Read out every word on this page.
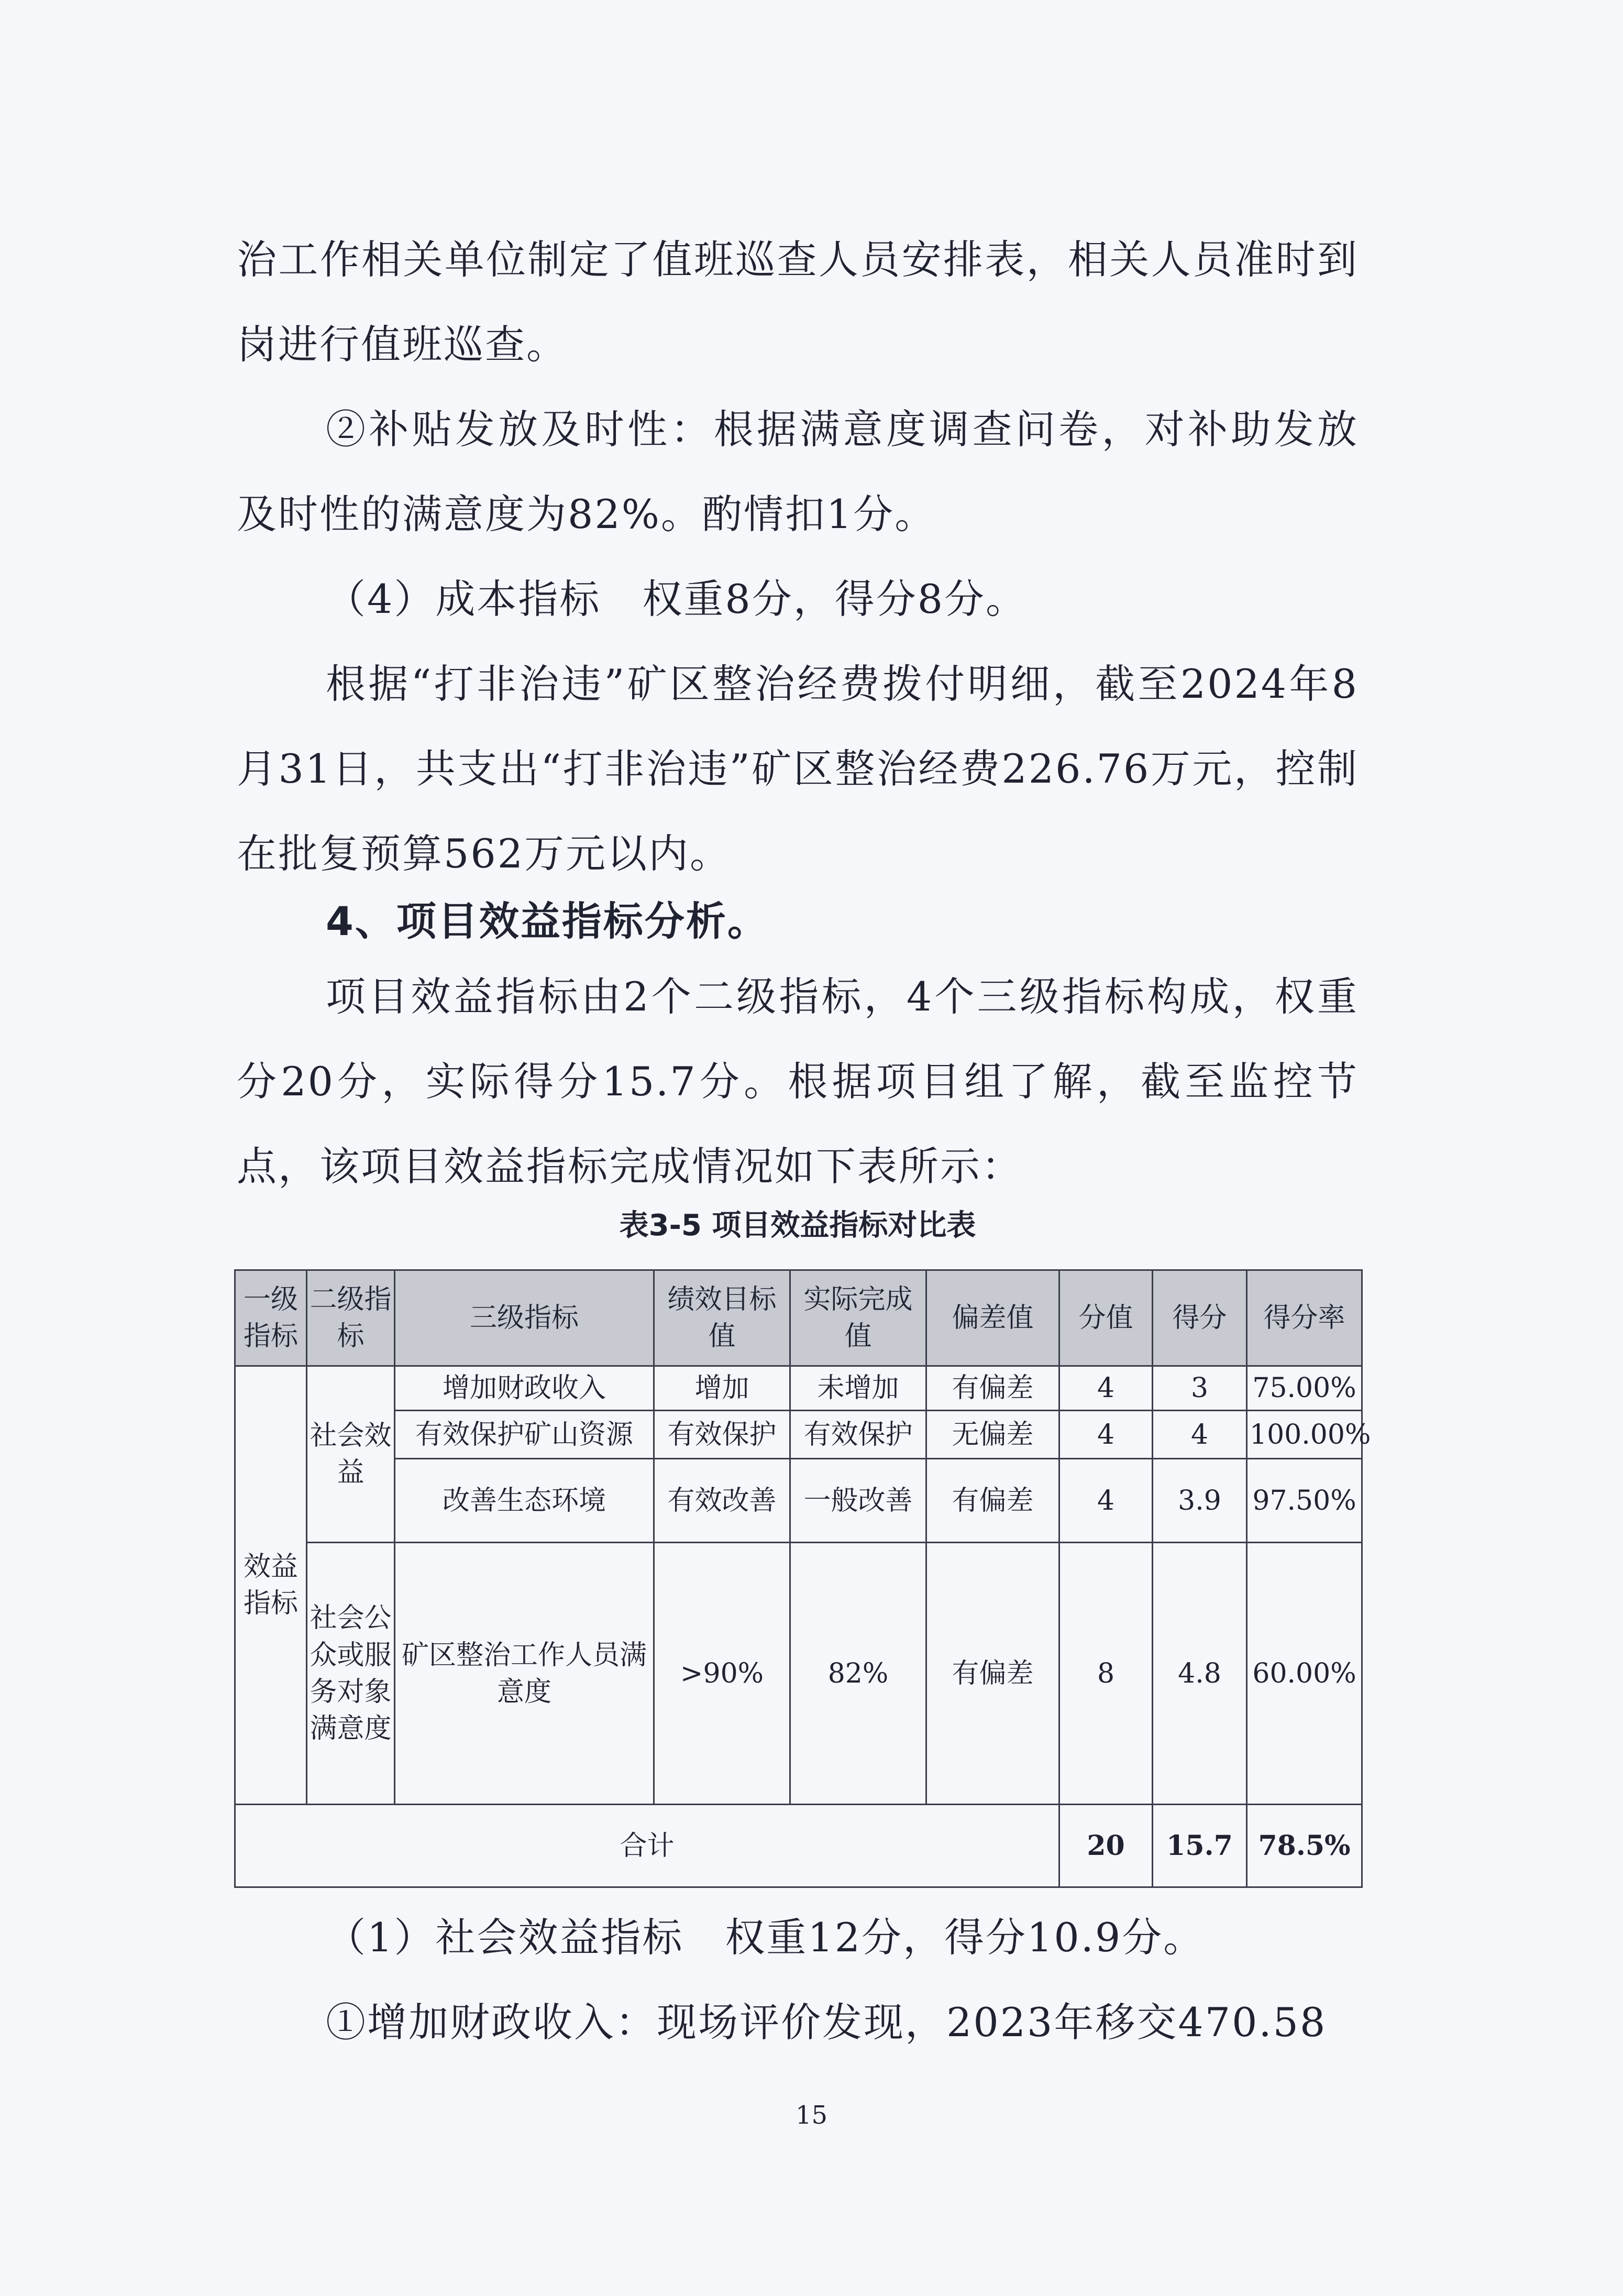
治工作相关单位制定了值班巡查人员安排表，相关人员准时到岗进行值班巡查。

②补贴发放及时性：根据满意度调查问卷，对补助发放及时性的满意度为82%。酌情扣1分。

（4）成本指标　权重8分，得分8分。

根据“打非治违”矿区整治经费拨付明细，截至2024年8月31日，共支出“打非治违”矿区整治经费226.76万元，控制在批复预算562万元以内。

4、项目效益指标分析。

项目效益指标由2个二级指标，4个三级指标构成，权重分20分，实际得分15.7分。根据项目组了解，截至监控节点，该项目效益指标完成情况如下表所示：

表3-5 项目效益指标对比表
一级指标	二级指标	三级指标	绩效目标值	实际完成值	偏差值	分值	得分	得分率
效益指标	社会效益	增加财政收入	增加	未增加	有偏差	4	3	75.00%
		有效保护矿山资源	有效保护	有效保护	无偏差	4	4	100.00%
		改善生态环境	有效改善	一般改善	有偏差	4	3.9	97.50%
	社会公众或服务对象满意度	矿区整治工作人员满意度	>90%	82%	有偏差	8	4.8	60.00%
合计						20	15.7	78.5%

（1）社会效益指标　权重12分，得分10.9分。

①增加财政收入：现场评价发现，2023年移交470.58

15
